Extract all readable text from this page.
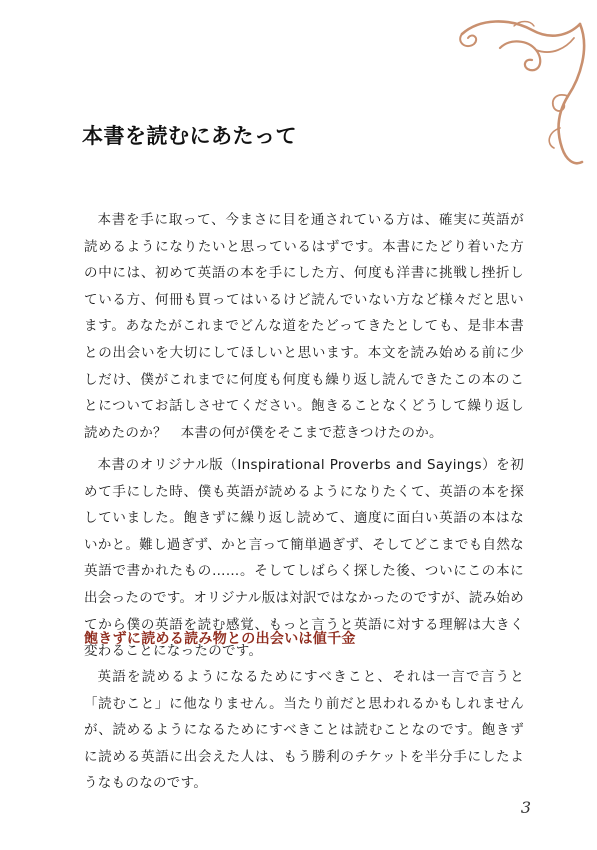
本書を読むにあたって

本書を手に取って、今まさに目を通されている方は、確実に英語が読めるようになりたいと思っているはずです。本書にたどり着いた方の中には、初めて英語の本を手にした方、何度も洋書に挑戦し挫折している方、何冊も買ってはいるけど読んでいない方など様々だと思います。あなたがこれまでどんな道をたどってきたとしても、是非本書との出会いを大切にしてほしいと思います。本文を読み始める前に少しだけ、僕がこれまでに何度も何度も繰り返し読んできたこの本のことについてお話しさせてください。飽きることなくどうして繰り返し読めたのか？　本書の何が僕をそこまで惹きつけたのか。

本書のオリジナル版（Inspirational Proverbs and Sayings）を初めて手にした時、僕も英語が読めるようになりたくて、英語の本を探していました。飽きずに繰り返し読めて、適度に面白い英語の本はないかと。難し過ぎず、かと言って簡単過ぎず、そしてどこまでも自然な英語で書かれたもの……。そしてしばらく探した後、ついにこの本に出会ったのです。オリジナル版は対訳ではなかったのですが、読み始めてから僕の英語を読む感覚、もっと言うと英語に対する理解は大きく変わることになったのです。

飽きずに読める読み物との出会いは値千金

英語を読めるようになるためにすべきこと、それは一言で言うと「読むこと」に他なりません。当たり前だと思われるかもしれませんが、読めるようになるためにすべきことは読むことなのです。飽きずに読める英語に出会えた人は、もう勝利のチケットを半分手にしたようなものなのです。

3
